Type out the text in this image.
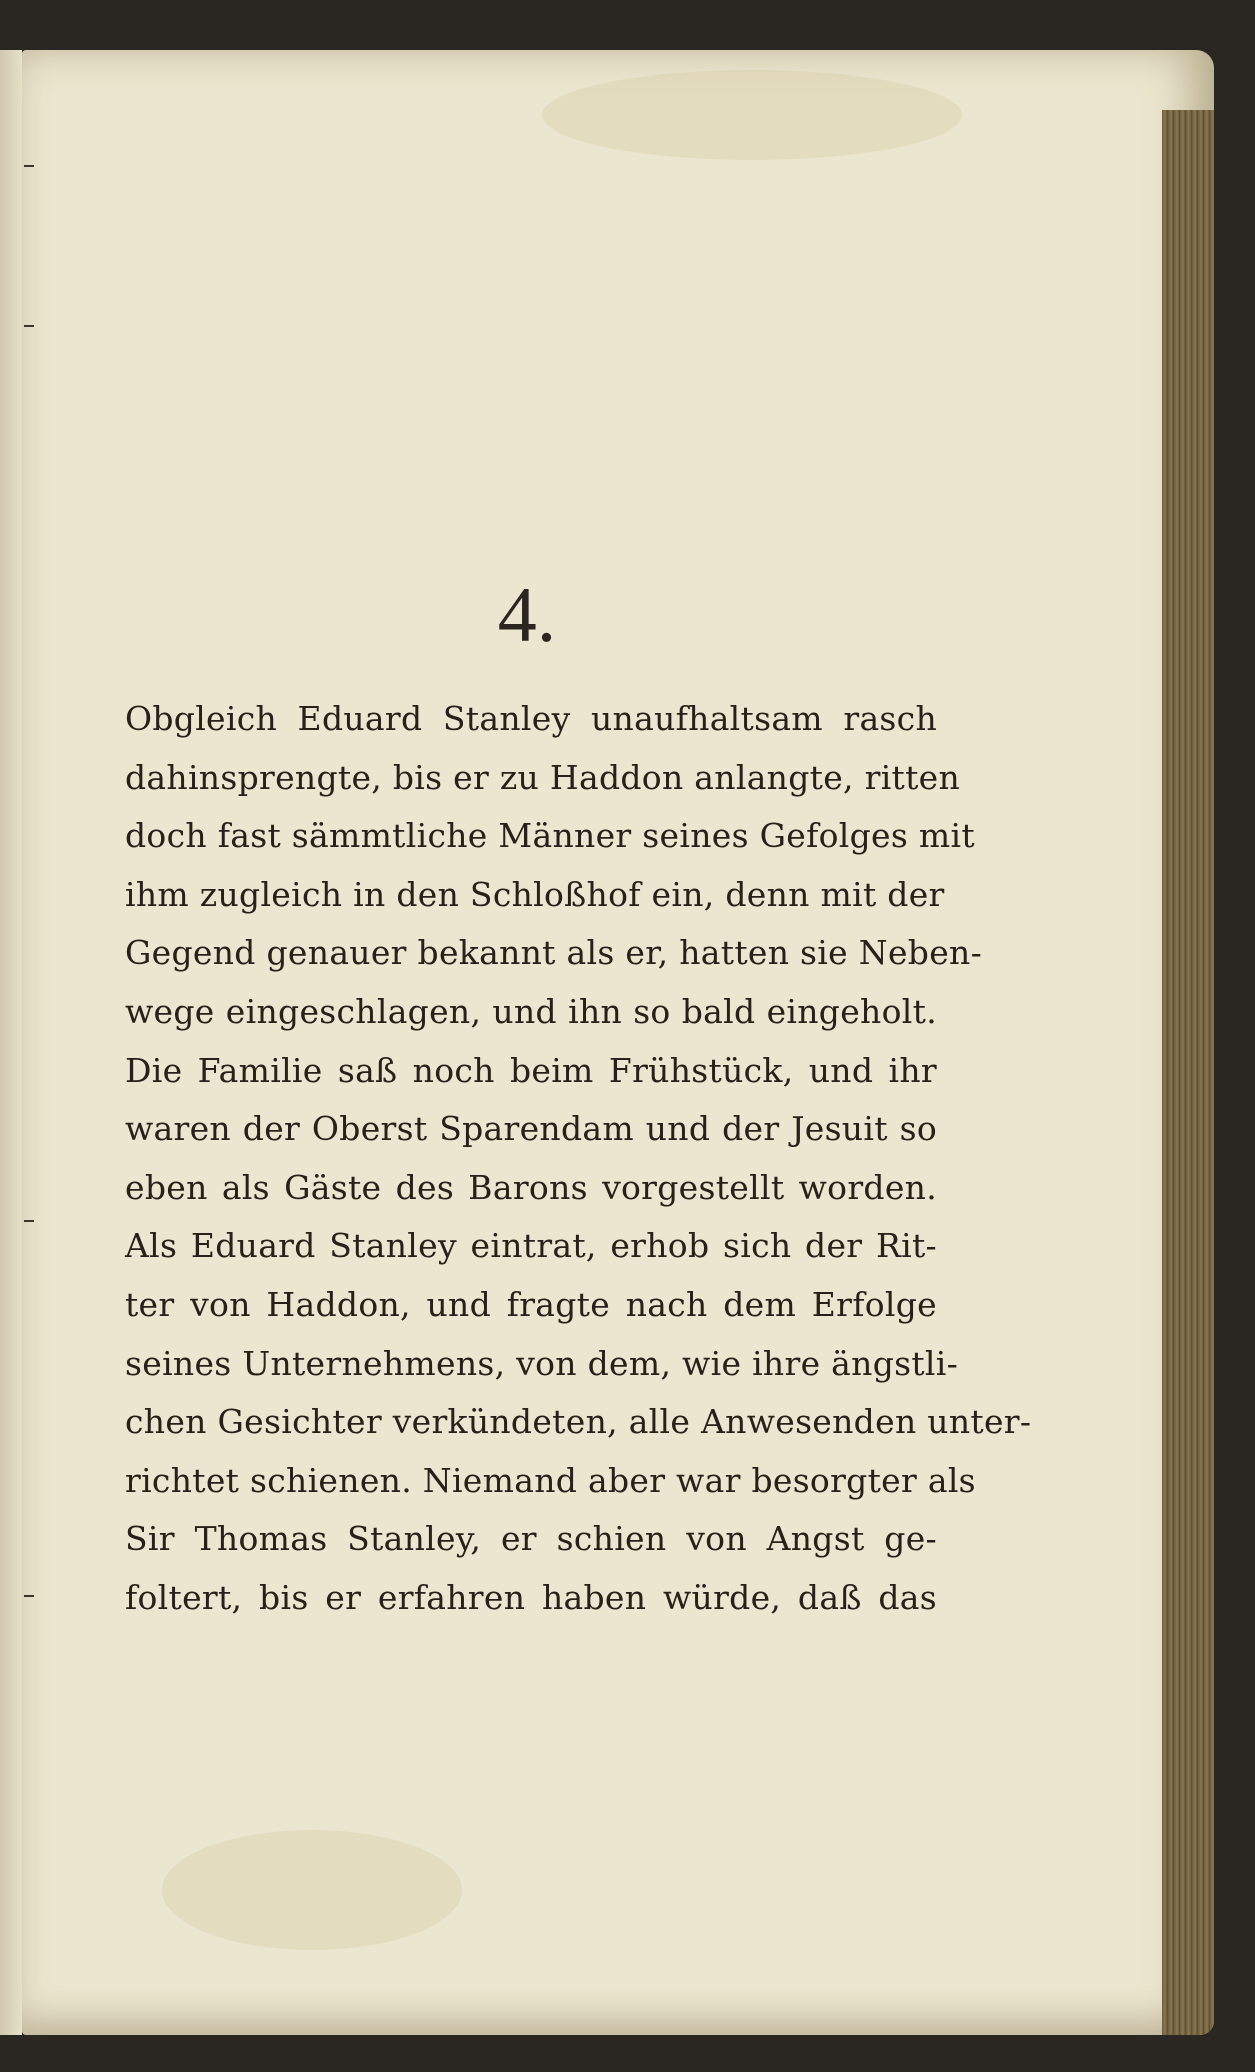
4.
Obgleich Eduard Stanley unaufhaltsam rasch
dahinsprengte, bis er zu Haddon anlangte, ritten
doch fast sämmtliche Männer seines Gefolges mit
ihm zugleich in den Schloßhof ein, denn mit der
Gegend genauer bekannt als er, hatten sie Neben-
wege eingeschlagen, und ihn so bald eingeholt.
Die Familie saß noch beim Frühstück, und ihr
waren der Oberst Sparendam und der Jesuit so
eben als Gäste des Barons vorgestellt worden.
Als Eduard Stanley eintrat, erhob sich der Rit-
ter von Haddon, und fragte nach dem Erfolge
seines Unternehmens, von dem, wie ihre ängstli-
chen Gesichter verkündeten, alle Anwesenden unter-
richtet schienen. Niemand aber war besorgter als
Sir Thomas Stanley, er schien von Angst ge-
foltert, bis er erfahren haben würde, daß das
